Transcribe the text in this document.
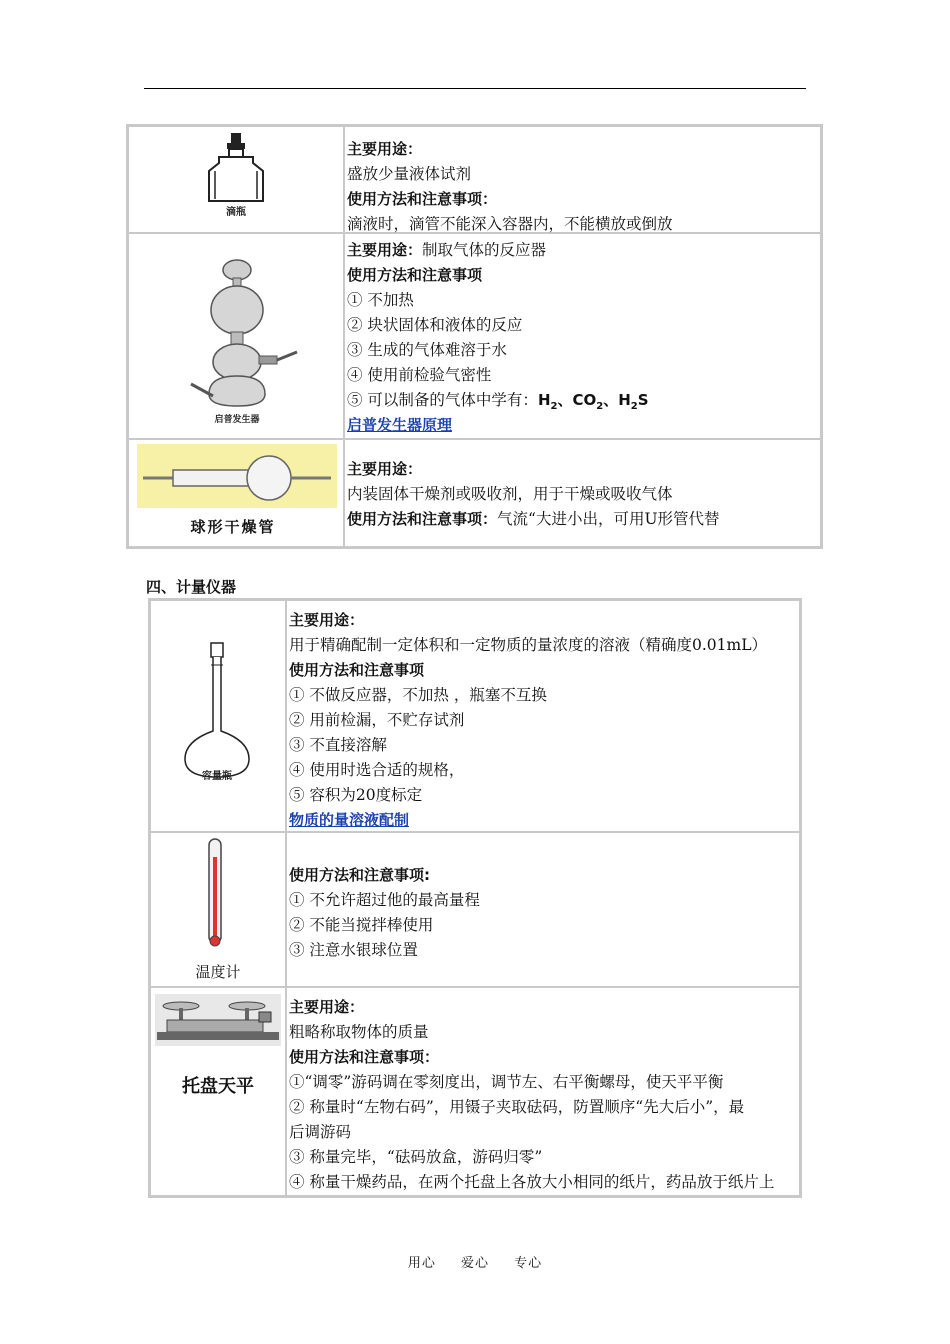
滴瓶
主要用途：
盛放少量液体试剂
使用方法和注意事项：
滴液时，滴管不能深入容器内，不能横放或倒放
启普发生器
主要用途：制取气体的反应器
使用方法和注意事项
① 不加热
② 块状固体和液体的反应
③ 生成的气体难溶于水
④ 使用前检验气密性
⑤ 可以制备的气体中学有：$H_2$、$CO_2$、$H_2S$
启普发生器原理
球形干燥管
主要用途：
内装固体干燥剂或吸收剂，用于干燥或吸收气体
使用方法和注意事项：气流“大进小出，可用U形管代替
四、计量仪器
容量瓶
主要用途：
用于精确配制一定体积和一定物质的量浓度的溶液（精确度0.01mL）
使用方法和注意事项
① 不做反应器，不加热 ，瓶塞不互换
② 用前检漏，不贮存试剂
③ 不直接溶解
④ 使用时选合适的规格，
⑤ 容积为20度标定
物质的量溶液配制
温度计
使用方法和注意事项:
① 不允许超过他的最高量程
② 不能当搅拌棒使用
③ 注意水银球位置
托盘天平
主要用途：
粗略称取物体的质量
使用方法和注意事项：
①“调零”游码调在零刻度出，调节左、右平衡螺母，使天平平衡
② 称量时“左物右码”，用镊子夹取砝码，防置顺序“先大后小”，最
后调游码
③ 称量完毕，“砝码放盒，游码归零”
④ 称量干燥药品，在两个托盘上各放大小相同的纸片，药品放于纸片上
用心 爱心 专心
